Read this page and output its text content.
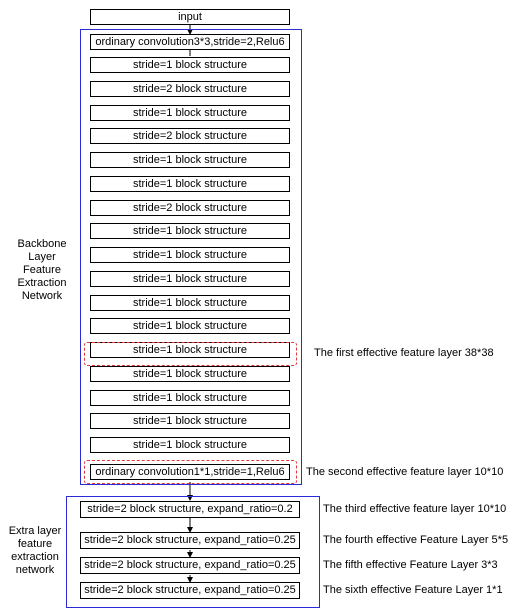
input
Backbone
Layer
Feature
Extraction
Network
ordinary convolution3*3,stride=2,Relu6
stride=1 block structure
stride=2 block structure
stride=1 block structure
stride=2 block structure
stride=1 block structure
stride=1 block structure
stride=2 block structure
stride=1 block structure
stride=1 block structure
stride=1 block structure
stride=1 block structure
stride=1 block structure
stride=1 block structure
stride=1 block structure
stride=1 block structure
stride=1 block structure
stride=1 block structure
The first effective feature layer 38*38
ordinary convolution1*1,stride=1,Relu6	The second effective feature layer 10*10
Extra layer
feature
extraction
network
stride=2 block structure, expand_ratio=0.2	The third effective feature layer 10*10
stride=2 block structure, expand_ratio=0.25	The fourth effective Feature Layer 5*5
stride=2 block structure, expand_ratio=0.25	The fifth effective Feature Layer 3*3
stride=2 block structure, expand_ratio=0.25	The sixth effective Feature Layer 1*1
